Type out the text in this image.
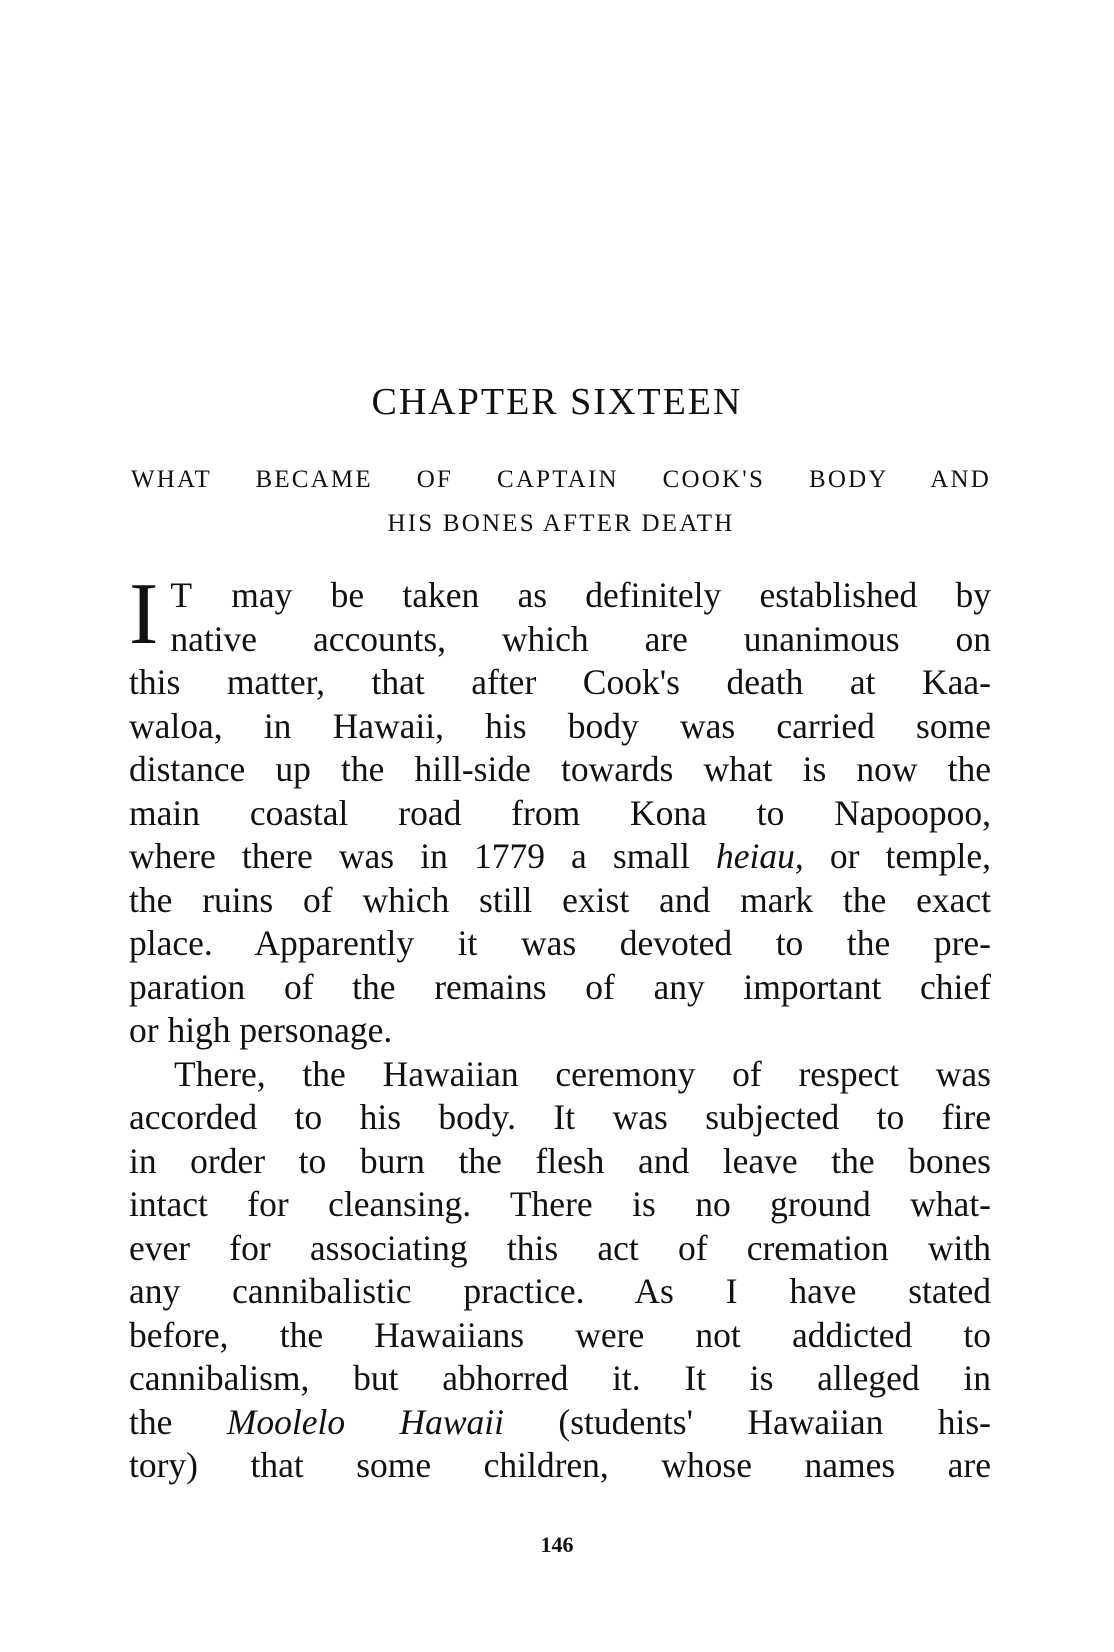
CHAPTER SIXTEEN
WHAT BECAME OF CAPTAIN COOK'S BODY AND
HIS BONES AFTER DEATH

I T may be taken as definitely established by
native accounts, which are unanimous on
this matter, that after Cook's death at Kaa-
waloa, in Hawaii, his body was carried some
distance up the hill-side towards what is now the
main coastal road from Kona to Napoopoo,
where there was in 1779 a small heiau, or temple,
the ruins of which still exist and mark the exact
place. Apparently it was devoted to the pre-
paration of the remains of any important chief
or high personage.

There, the Hawaiian ceremony of respect was
accorded to his body. It was subjected to fire
in order to burn the flesh and leave the bones
intact for cleansing. There is no ground what-
ever for associating this act of cremation with
any cannibalistic practice. As I have stated
before, the Hawaiians were not addicted to
cannibalism, but abhorred it. It is alleged in
the Moolelo Hawaii (students' Hawaiian his-
tory) that some children, whose names are

146
